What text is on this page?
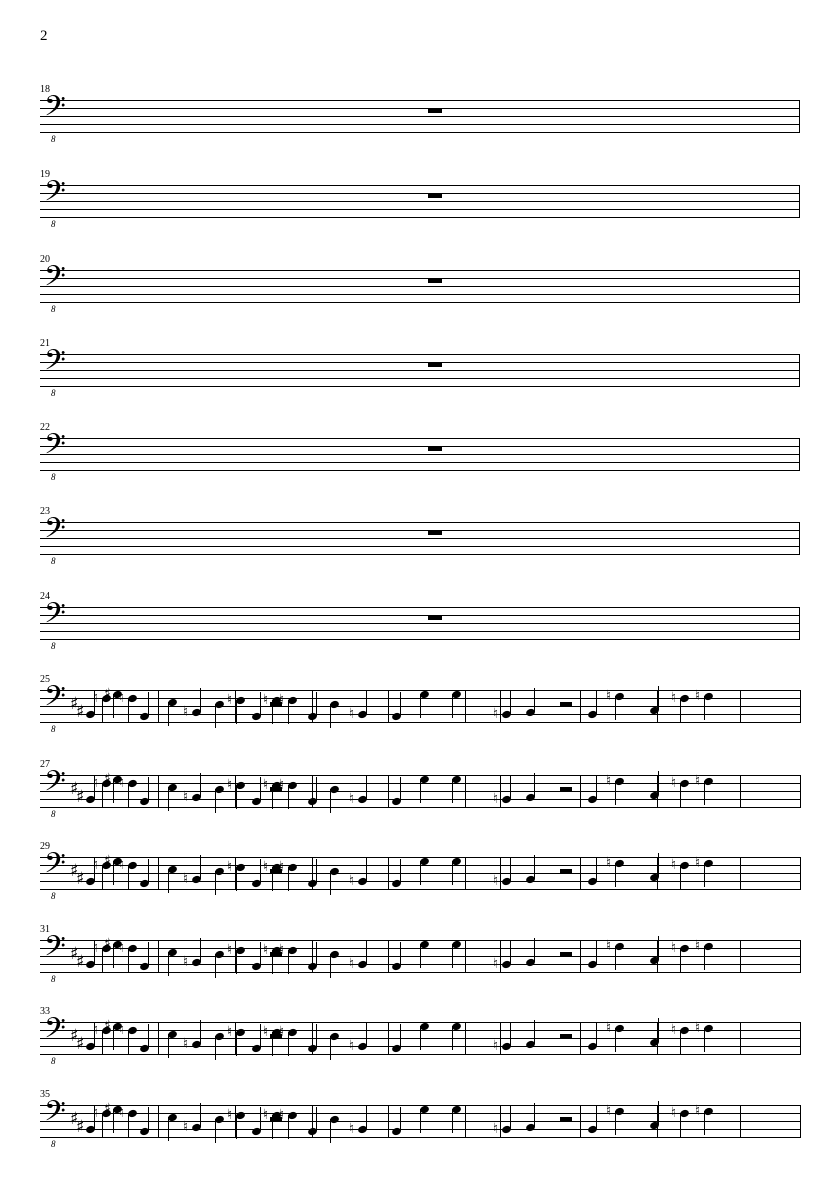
2
18
𝄢
8
19
𝄢
8
20
𝄢
8
21
𝄢
8
22
𝄢
8
23
𝄢
8
24
𝄢
8
25
𝄢
8
♯
♯
♮ ♯ ♮
♮
♮ ♮ ♮
♮	♮
♮	♮ ♮
27
𝄢
8
♯
♯
♮ ♯ ♮
♮
♮ ♮ ♮
♮	♮
♮	♮ ♮
29
𝄢
8
♯
♯
♮ ♯ ♮
♮
♮ ♮ ♮
♮	♮
♮	♮ ♮
31
𝄢
8
♯
♯
♮ ♯ ♮
♮
♮ ♮ ♮
♮	♮
♮	♮ ♮
33
𝄢
8
♯
♯
♮ ♯ ♮
♮
♮ ♮ ♮
♮	♮
♮	♮ ♮
35
𝄢
8
♯
♯
♮ ♯ ♮
♮
♮ ♮ ♮
♮	♮
♮	♮ ♮
